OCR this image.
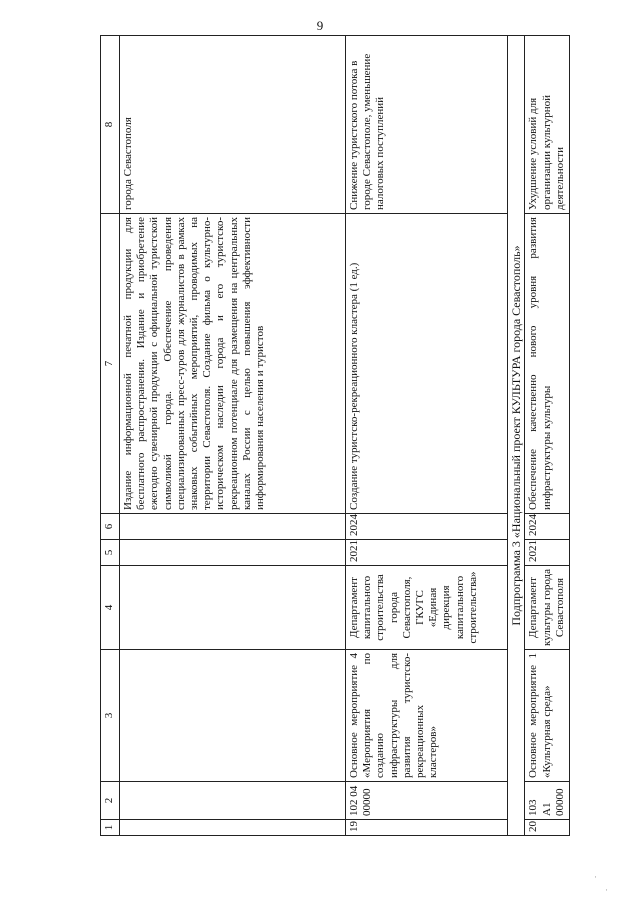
9
1	2	3	4	5	6	7	8
						Издание информационной печатной продукции для бесплатного распространения. Издание и приобретение ежегодно сувенирной продукции с официальной туристской символикой города. Обеспечение проведения специализированных пресс-туров для журналистов в рамках знаковых событийных мероприятий, проводимых на территории Севастополя. Создание фильма о культурно-историческом наследии города и его туристско-рекреационном потенциале для размещения на центральных каналах России с целью повышения эффективности информирования населения и туристов	города Севастополя
19	102 04 00000	Основное мероприятие 4 «Мероприятия по созданию инфраструктуры для развития туристско-рекреационных кластеров»	Департамент капитального строительства города Севастополя, ГКУГС «Единая дирекция капитального строительства»	2021	2024	Создание туристско-рекреационного кластера (1 ед.)	Снижение туристского потока в городе Севастополе, уменьшение налоговых поступлений
Подпрограмма 3 «Национальный проект КУЛЬТУРА города Севастополь»							
20	103 A1 00000	Основное мероприятие 1 «Культурная среда»	Департамент культуры города Севастополя	2021	2024	Обеспечение качественно нового уровня развития инфраструктуры культуры	Ухудшение условий для организации культурной деятельности
·
·
